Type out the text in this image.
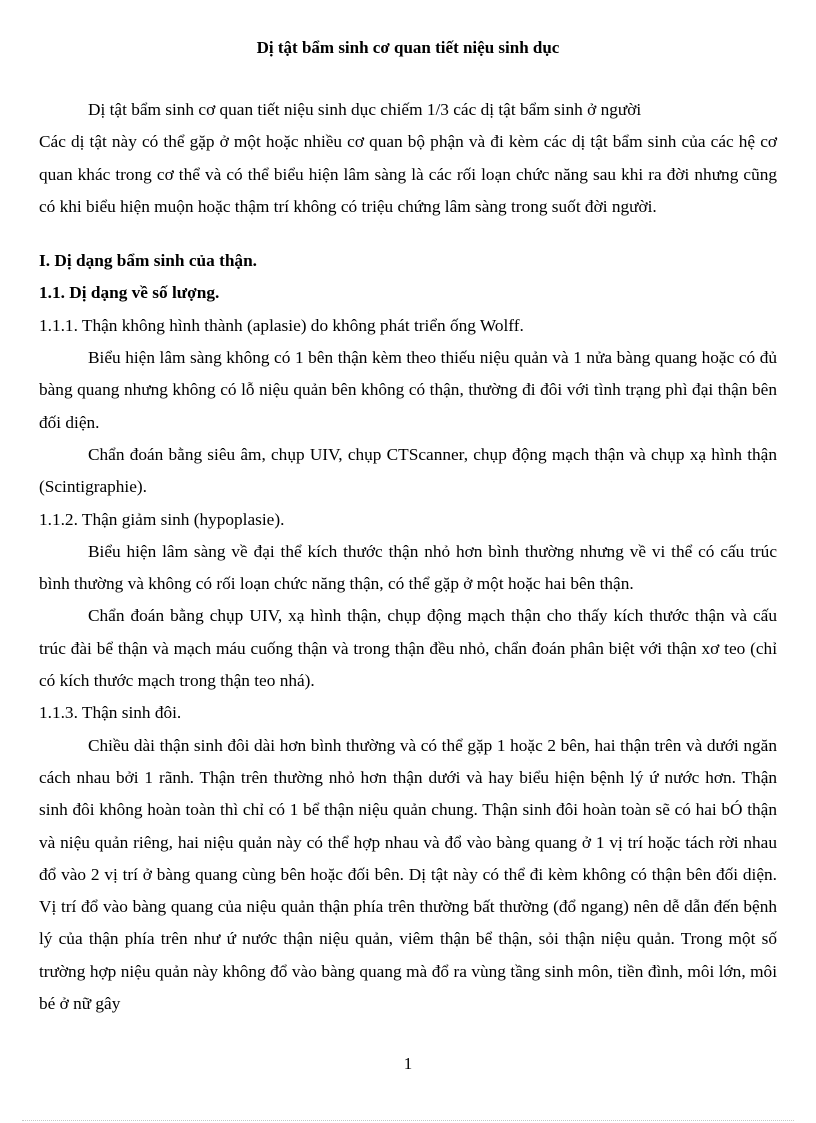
Dị tật bẩm sinh cơ quan tiết niệu sinh dục

Dị tật bẩm sinh cơ quan tiết niệu sinh dục chiếm 1/3 các dị tật bẩm sinh ở người

Các dị tật này có thể gặp ở một hoặc nhiều cơ quan bộ phận và đi kèm các dị tật bẩm sinh của các hệ cơ quan khác trong cơ thể và có thể biểu hiện lâm sàng là các rối loạn chức năng sau khi ra đời nhưng cũng có khi biểu hiện muộn hoặc thậm trí không có triệu chứng lâm sàng trong suốt đời người.

I. Dị dạng bẩm sinh của thận.

1.1. Dị dạng về số lượng.

1.1.1. Thận không hình thành (aplasie) do không phát triển ống Wolff.

Biểu hiện lâm sàng không có 1 bên thận kèm theo thiếu niệu quản và 1 nửa bàng quang hoặc có đủ bàng quang nhưng không có lỗ niệu quản bên không có thận, thường đi đôi với tình trạng phì đại thận bên đối diện.

Chẩn đoán bằng siêu âm, chụp UIV, chụp CTScanner, chụp động mạch thận và chụp xạ hình thận (Scintigraphie).

1.1.2. Thận giảm sinh (hypoplasie).

Biểu hiện lâm sàng về đại thể kích thước thận nhỏ hơn bình thường nhưng về vi thể có cấu trúc bình thường và không có rối loạn chức năng thận, có thể gặp ở một hoặc hai bên thận.

Chẩn đoán bằng chụp UIV, xạ hình thận, chụp động mạch thận cho thấy kích thước thận và cấu trúc đài bể thận và mạch máu cuống thận và trong thận đều nhỏ, chẩn đoán phân biệt với thận xơ teo (chỉ có kích thước mạch trong thận teo nhá).

1.1.3. Thận sinh đôi.

Chiều dài thận sinh đôi dài hơn bình thường và có thể gặp 1 hoặc 2 bên, hai thận trên và dưới ngăn cách nhau bởi 1 rãnh. Thận trên thường nhỏ hơn thận dưới và hay biểu hiện bệnh lý ứ nước hơn. Thận sinh đôi không hoàn toàn thì chỉ có 1 bể thận niệu quản chung. Thận sinh đôi hoàn toàn sẽ có hai bÓ thận và niệu quản riêng, hai niệu quản này có thể hợp nhau và đổ vào bàng quang ở 1 vị trí hoặc tách rời nhau đổ vào 2 vị trí ở bàng quang cùng bên hoặc đối bên. Dị tật này có thể đi kèm không có thận bên đối diện. Vị trí đổ vào bàng quang của niệu quản thận phía trên thường bất thường (đổ ngang) nên dễ dẫn đến bệnh lý của thận phía trên như ứ nước thận niệu quản, viêm thận bể thận, sỏi thận niệu quản. Trong một số trường hợp niệu quản này không đổ vào bàng quang mà đổ ra vùng tầng sinh môn, tiền đình, môi lớn, môi bé ở nữ gây

1
